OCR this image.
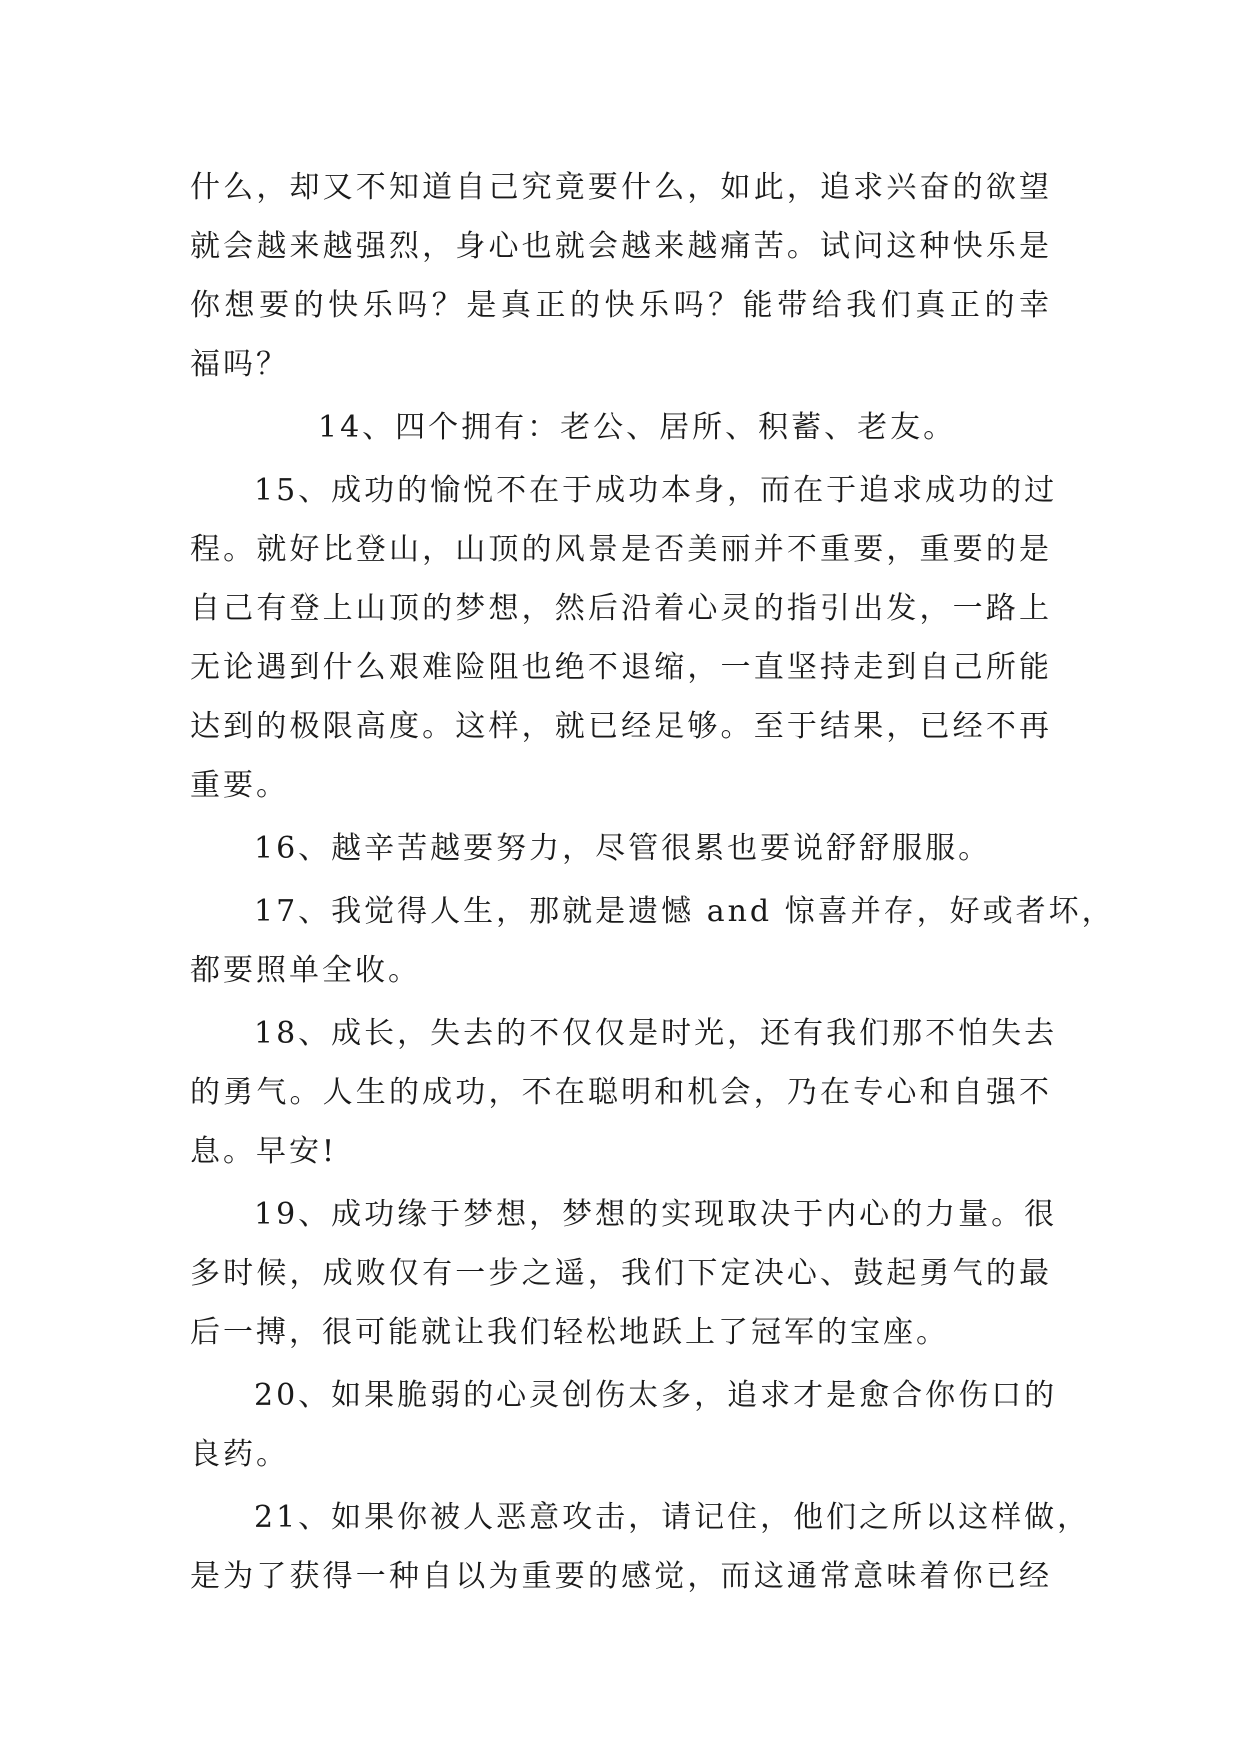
什么，却又不知道自己究竟要什么，如此，追求兴奋的欲望
就会越来越强烈，身心也就会越来越痛苦。试问这种快乐是
你想要的快乐吗？是真正的快乐吗？能带给我们真正的幸
福吗？

14、四个拥有：老公、居所、积蓄、老友。

15、成功的愉悦不在于成功本身，而在于追求成功的过
程。就好比登山，山顶的风景是否美丽并不重要，重要的是
自己有登上山顶的梦想，然后沿着心灵的指引出发，一路上
无论遇到什么艰难险阻也绝不退缩，一直坚持走到自己所能
达到的极限高度。这样，就已经足够。至于结果，已经不再
重要。

16、越辛苦越要努力，尽管很累也要说舒舒服服。

17、我觉得人生，那就是遗憾 and 惊喜并存，好或者坏，
都要照单全收。

18、成长，失去的不仅仅是时光，还有我们那不怕失去
的勇气。人生的成功，不在聪明和机会，乃在专心和自强不
息。早安!

19、成功缘于梦想，梦想的实现取决于内心的力量。很
多时候，成败仅有一步之遥，我们下定决心、鼓起勇气的最
后一搏，很可能就让我们轻松地跃上了冠军的宝座。

20、如果脆弱的心灵创伤太多，追求才是愈合你伤口的
良药。

21、如果你被人恶意攻击，请记住，他们之所以这样做，
是为了获得一种自以为重要的感觉，而这通常意味着你已经
